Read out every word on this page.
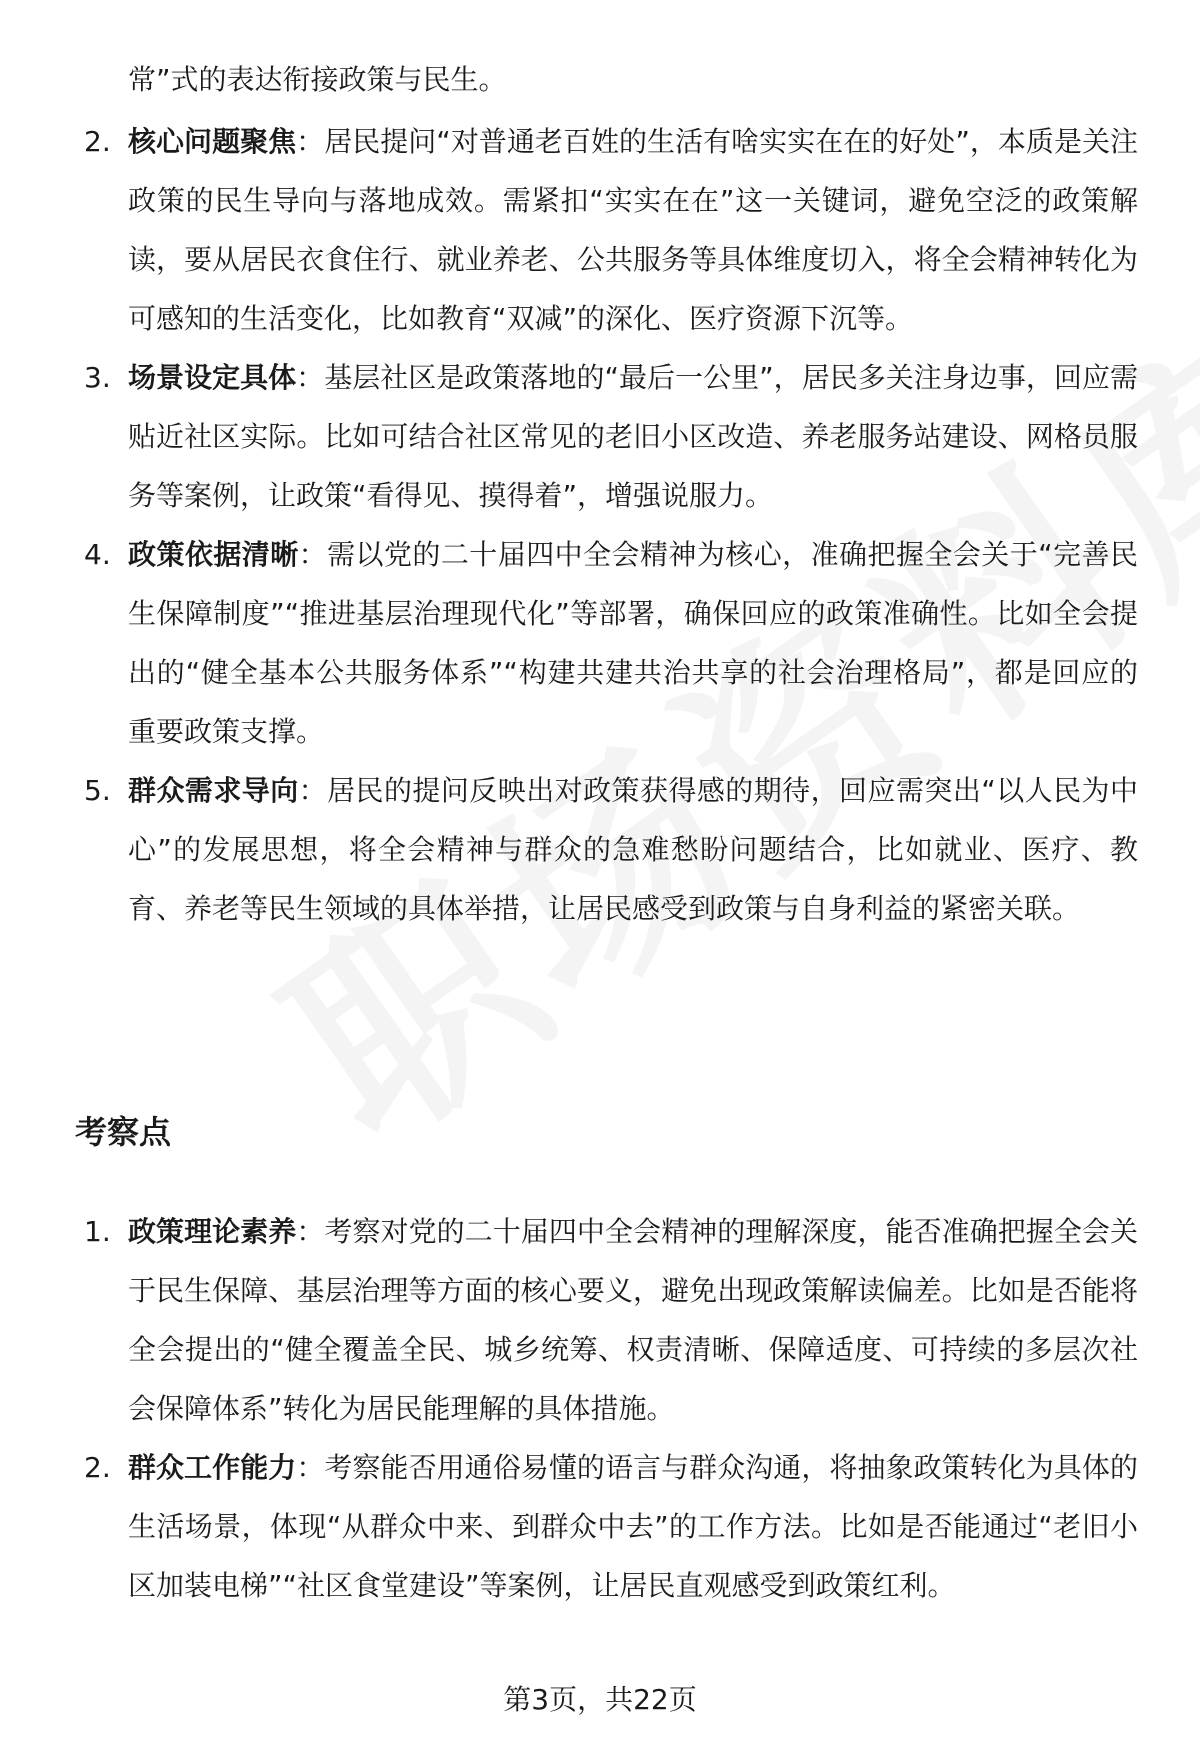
常”式的表达衔接政策与民生。
2. 核心问题聚焦：居民提问“对普通老百姓的生活有啥实实在在的好处”，本质是关注政策的民生导向与落地成效。需紧扣“实实在在”这一关键词，避免空泛的政策解读，要从居民衣食住行、就业养老、公共服务等具体维度切入，将全会精神转化为可感知的生活变化，比如教育“双减”的深化、医疗资源下沉等。
3. 场景设定具体：基层社区是政策落地的“最后一公里”，居民多关注身边事，回应需贴近社区实际。比如可结合社区常见的老旧小区改造、养老服务站建设、网格员服务等案例，让政策“看得见、摸得着”，增强说服力。
4. 政策依据清晰：需以党的二十届四中全会精神为核心，准确把握全会关于“完善民生保障制度”“推进基层治理现代化”等部署，确保回应的政策准确性。比如全会提出的“健全基本公共服务体系”“构建共建共治共享的社会治理格局”，都是回应的重要政策支撑。
5. 群众需求导向：居民的提问反映出对政策获得感的期待，回应需突出“以人民为中心”的发展思想，将全会精神与群众的急难愁盼问题结合，比如就业、医疗、教育、养老等民生领域的具体举措，让居民感受到政策与自身利益的紧密关联。
考察点
1. 政策理论素养：考察对党的二十届四中全会精神的理解深度，能否准确把握全会关于民生保障、基层治理等方面的核心要义，避免出现政策解读偏差。比如是否能将全会提出的“健全覆盖全民、城乡统筹、权责清晰、保障适度、可持续的多层次社会保障体系”转化为居民能理解的具体措施。
2. 群众工作能力：考察能否用通俗易懂的语言与群众沟通，将抽象政策转化为具体的生活场景，体现“从群众中来、到群众中去”的工作方法。比如是否能通过“老旧小区加装电梯”“社区食堂建设”等案例，让居民直观感受到政策红利。
第3页，共22页
